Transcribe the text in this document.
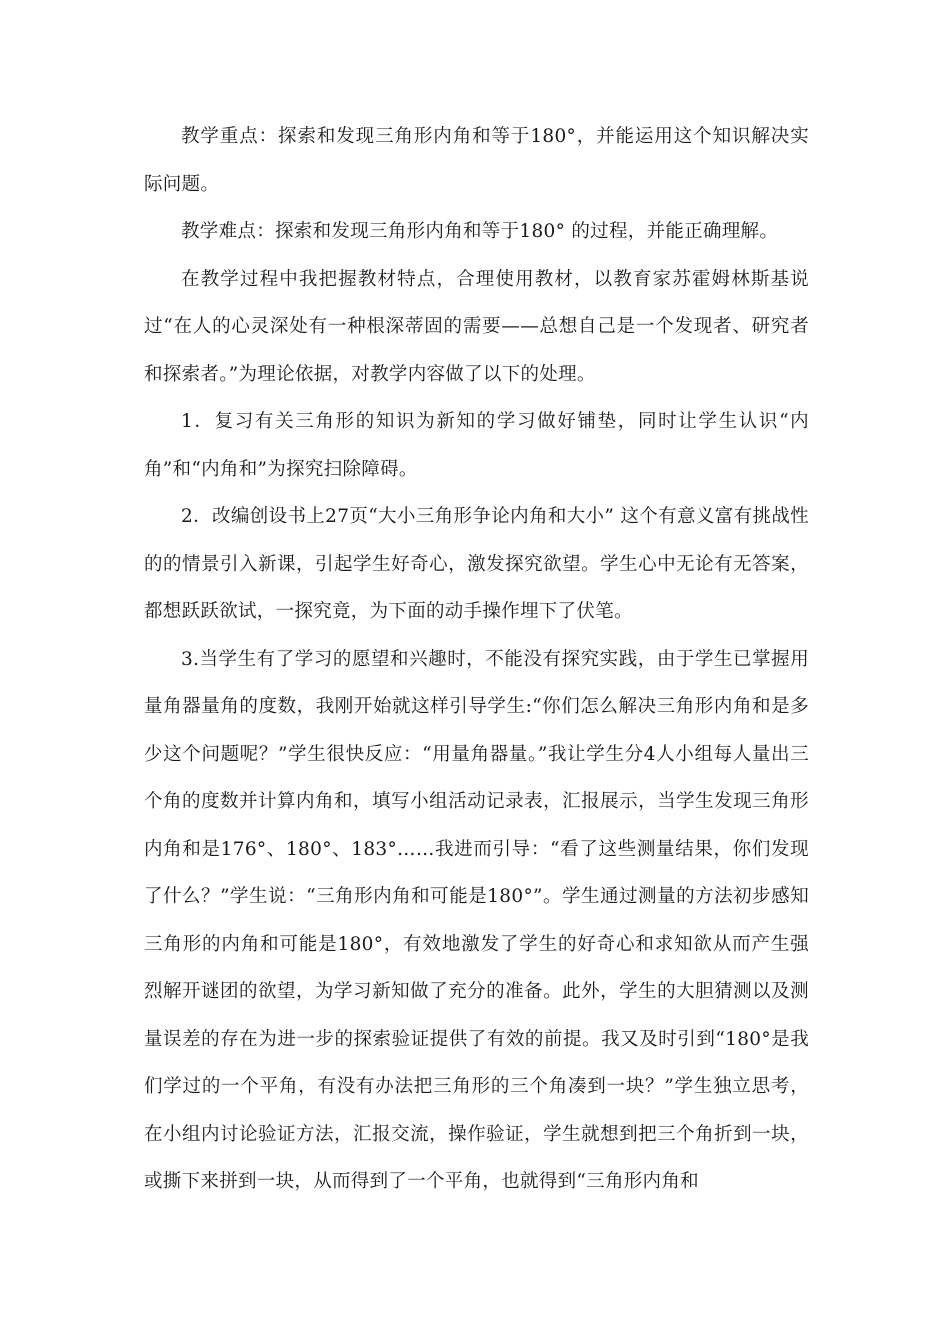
教学重点：探索和发现三角形内角和等于180°，并能运用这个知识解决实际问题。

教学难点：探索和发现三角形内角和等于180° 的过程，并能正确理解。

在教学过程中我把握教材特点，合理使用教材，以教育家苏霍姆林斯基说过“在人的心灵深处有一种根深蒂固的需要——总想自己是一个发现者、研究者和探索者。”为理论依据，对教学内容做了以下的处理。

1．复习有关三角形的知识为新知的学习做好铺垫，同时让学生认识“内角”和“内角和”为探究扫除障碍。

2．改编创设书上27页“大小三角形争论内角和大小” 这个有意义富有挑战性的的情景引入新课，引起学生好奇心，激发探究欲望。学生心中无论有无答案，都想跃跃欲试，一探究竟，为下面的动手操作埋下了伏笔。

3.当学生有了学习的愿望和兴趣时，不能没有探究实践，由于学生已掌握用量角器量角的度数，我刚开始就这样引导学生:“你们怎么解决三角形内角和是多少这个问题呢？”学生很快反应：“用量角器量。”我让学生分4人小组每人量出三个角的度数并计算内角和，填写小组活动记录表，汇报展示，当学生发现三角形内角和是176°、180°、183°……我进而引导：“看了这些测量结果，你们发现了什么？”学生说：“三角形内角和可能是180°”。学生通过测量的方法初步感知三角形的内角和可能是180°，有效地激发了学生的好奇心和求知欲从而产生强烈解开谜团的欲望，为学习新知做了充分的准备。此外，学生的大胆猜测以及测量误差的存在为进一步的探索验证提供了有效的前提。我又及时引到“180°是我们学过的一个平角，有没有办法把三角形的三个角凑到一块？”学生独立思考，在小组内讨论验证方法，汇报交流，操作验证，学生就想到把三个角折到一块，或撕下来拼到一块，从而得到了一个平角，也就得到“三角形内角和
